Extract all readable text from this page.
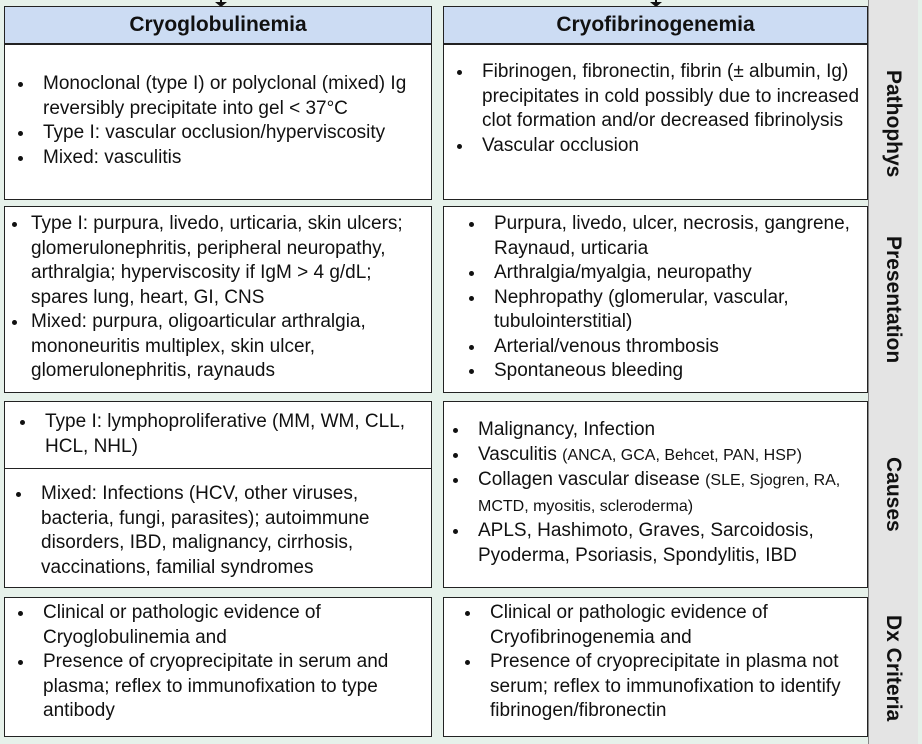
Cryoglobulinemia	Cryofibrinogenemia
Pathophys
Monoclonal (type I) or polyclonal (mixed) Ig reversibly precipitate into gel < 37°C
Type I: vascular occlusion/hyperviscosity
Mixed: vasculitis
Fibrinogen, fibronectin, fibrin (± albumin, Ig) precipitates in cold possibly due to increased clot formation and/or decreased fibrinolysis
Vascular occlusion
Presentation
Type I: purpura, livedo, urticaria, skin ulcers; glomerulonephritis, peripheral neuropathy, arthralgia; hyperviscosity if IgM > 4 g/dL; spares lung, heart, GI, CNS
Mixed: purpura, oligoarticular arthralgia, mononeuritis multiplex, skin ulcer, glomerulonephritis, raynauds
Purpura, livedo, ulcer, necrosis, gangrene, Raynaud, urticaria
Arthralgia/myalgia, neuropathy
Nephropathy (glomerular, vascular, tubulointerstitial)
Arterial/venous thrombosis
Spontaneous bleeding
Causes
Type I: lymphoproliferative (MM, WM, CLL, HCL, NHL)
Mixed: Infections (HCV, other viruses, bacteria, fungi, parasites); autoimmune disorders, IBD, malignancy, cirrhosis, vaccinations, familial syndromes
Malignancy, Infection
Vasculitis (ANCA, GCA, Behcet, PAN, HSP)
Collagen vascular disease (SLE, Sjogren, RA, MCTD, myositis, scleroderma)
APLS, Hashimoto, Graves, Sarcoidosis, Pyoderma, Psoriasis, Spondylitis, IBD
Dx Criteria
Clinical or pathologic evidence of Cryoglobulinemia and
Presence of cryoprecipitate in serum and plasma; reflex to immunofixation to type antibody
Clinical or pathologic evidence of Cryofibrinogenemia and
Presence of cryoprecipitate in plasma not serum; reflex to immunofixation to identify fibrinogen/fibronectin
